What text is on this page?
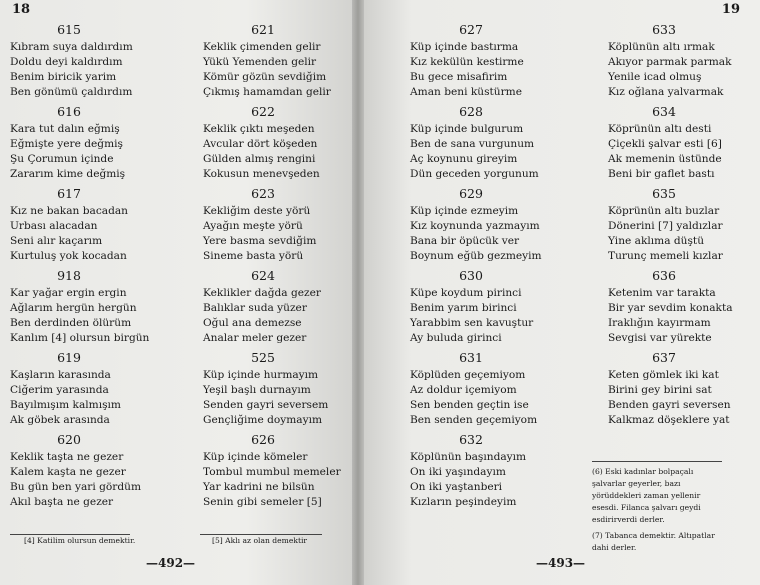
18
615
Kıbram suya daldırdım
Doldu deyi kaldırdım
Benim biricik yarim
Ben gönümü çaldırdım
616
Kara tut dalın eğmiş
Eğmişte yere değmiş
Şu Çorumun içinde
Zararım kime değmiş
617
Kız ne bakan bacadan
Urbası alacadan
Seni alır kaçarım
Kurtuluş yok kocadan
918
Kar yağar ergin ergin
Ağlarım hergün hergün
Ben derdinden ölürüm
Kanlım [4] olursun birgün
619
Kaşların karasında
Ciğerim yarasında
Bayılmışım kalmışım
Ak göbek arasında
620
Keklik taşta ne gezer
Kalem kaşta ne gezer
Bu gün ben yari gördüm
Akıl başta ne gezer
[4] Katilim olursun demektir.
621
Keklik çimenden gelir
Yükü Yemenden gelir
Kömür gözün sevdiğim
Çıkmış hamamdan gelir
622
Keklik çıktı meşeden
Avcular dört köşeden
Gülden almış rengini
Kokusun menevşeden
623
Kekliğim deste yörü
Ayağın meşte yörü
Yere basma sevdiğim
Sineme basta yörü
624
Keklikler dağda gezer
Balıklar suda yüzer
Oğul ana demezse
Analar meler gezer
525
Küp içinde hurmayım
Yeşil başlı durnayım
Senden gayri seversem
Gençliğime doymayım
626
Küp içinde kömeler
Tombul mumbul memeler
Yar kadrini ne bilsün
Senin gibi semeler [5]
[5] Aklı az olan demektir
—492—
19
627
Küp içinde bastırma
Kız kekülün kestirme
Bu gece misafirim
Aman beni küstürme
628
Küp içinde bulgurum
Ben de sana vurgunum
Aç koynunu gireyim
Dün geceden yorgunum
629
Küp içinde ezmeyim
Kız koynunda yazmayım
Bana bir öpücük ver
Boynum eğüb gezmeyim
630
Küpe koydum pirinci
Benim yarım birinci
Yarabbim sen kavuştur
Ay buluda girinci
631
Köplüden geçemiyom
Az doldur içemiyom
Sen benden geçtin ise
Ben senden geçemiyom
632
Köplünün başındayım
On iki yaşındayım
On iki yaştanberi
Kızların peşindeyim
633
Köplünün altı ırmak
Akıyor parmak parmak
Yenile icad olmuş
Kız oğlana yalvarmak
634
Köprünün altı desti
Çiçekli şalvar esti [6]
Ak memenin üstünde
Beni bir gaflet bastı
635
Köprünün altı buzlar
Dönerini [7] yaldızlar
Yine aklıma düştü
Turunç memeli kızlar
636
Ketenim var tarakta
Bir yar sevdim konakta
Iraklığın kayırmam
Sevgisi var yürekte
637
Keten gömlek iki kat
Birini gey birini sat
Benden gayri seversen
Kalkmaz döşeklere yat

(6) Eski kadınlar bolpaçalı şalvarlar geyerler, bazı yörüddekleri zaman yellenir esesdi. Filanca şalvarı geydi esdirirverdi derler.

(7) Tabanca demektir. Altıpatlar dahi derler.

—493—
